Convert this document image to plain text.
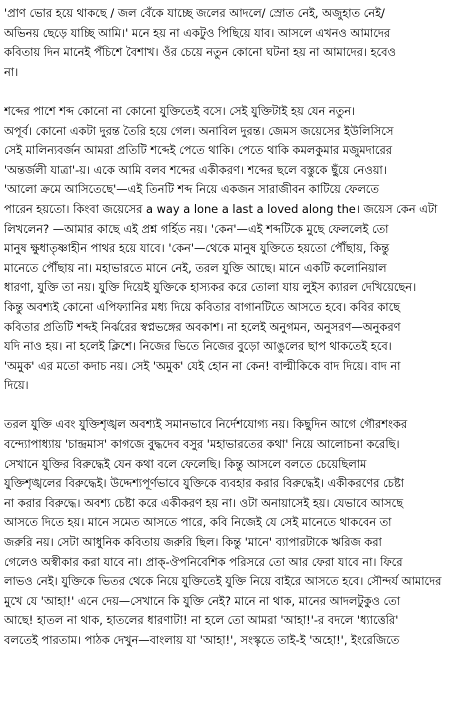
'প্রাণ ভোর হয়ে থাকছে / জল বেঁকে যাচ্ছে জলের আদলে/ স্রোত নেই, অজুহাত নেই/
অভিনয় ছেড়ে যাচ্ছি আমি।' মনে হয় না একটুও পিছিয়ে যাব। আসলে এখনও আমাদের
কবিতায় দিন মানেই পঁচিশে বৈশাখ। ওঁর চেয়ে নতুন কোনো ঘটনা হয় না আমাদের। হবেও
না।
শব্দের পাশে শব্দ কোনো না কোনো যুক্তিতেই বসে। সেই যুক্তিটাই হয় যেন নতুন।
অপূর্ব। কোনো একটা দুরন্ত তৈরি হয়ে গেল। অনাবিল দুরন্ত। জেমস জয়েসের ইউলিসিসে
সেই মালিন্যবর্জন আমরা প্রতিটি শব্দেই পেতে থাকি। পেতে থাকি কমলকুমার মজুমদারের
'অন্তর্জলী যাত্রা'-য়। একে আমি বলব শব্দের একীকরণ। শব্দের ছলে বস্তুকে ছুঁয়ে নেওয়া।
'আলো ক্রমে আসিতেছে'—এই তিনটি শব্দ নিয়ে একজন সারাজীবন কাটিয়ে ফেলতে
পারেন হয়তো। কিংবা জয়েসের a way a lone a last a loved along the। জয়েস কেন এটা
লিখলেন? —আমার কাছে এই প্রশ্ন গর্হিত নয়। 'কেন'—এই শব্দটিকে মুছে ফেললেই তো
মানুষ ক্ষুধাতৃষ্ণাহীন পাথর হয়ে যাবে। 'কেন'—থেকে মানুষ যুক্তিতে হয়তো পৌঁছায়, কিন্তু
মানেতে পৌঁছায় না। মহাভারতে মানে নেই, তরল যুক্তি আছে। মানে একটি কলোনিয়াল
ধারণা, যুক্তি তা নয়। যুক্তি দিয়েই যুক্তিকে হাস্যকর করে তোলা যায় লুইস ক্যারল দেখিয়েছেন।
কিন্তু অবশ্যই কোনো এপিফ্যানির মধ্য দিয়ে কবিতার বাগানটিতে আসতে হবে। কবির কাছে
কবিতার প্রতিটি শব্দই নির্ঝরের স্বপ্নভঙ্গের অবকাশ। না হলেই অনুগমন, অনুসরণ—অনুকরণ
যদি নাও হয়। না হলেই ক্লিশে। নিজের ভিতে নিজের বুড়ো আঙুলের ছাপ থাকতেই হবে।
'অমুক' এর মতো কদাচ নয়। সেই 'অমুক' যেই হোন না কেন! বাল্মীকিকে বাদ দিয়ে। বাদ না
দিয়ে।
তরল যুক্তি এবং যুক্তিশৃঙ্খল অবশ্যই সমানভাবে নির্দেশযোগ্য নয়। কিছুদিন আগে গৌরশংকর
বন্দ্যোপাধ্যায় 'চান্দ্রমাস' কাগজে বুদ্ধদেব বসুর 'মহাভারতের কথা' নিয়ে আলোচনা করেছি।
সেখানে যুক্তির বিরুদ্ধেই যেন কথা বলে ফেলেছি। কিন্তু আসলে বলতে চেয়েছিলাম
যুক্তিশৃঙ্খলের বিরুদ্ধেই। উদ্দেশ্যপূর্ণভাবে যুক্তিকে ব্যবহার করার বিরুদ্ধেই। একীকরণের চেষ্টা
না করার বিরুদ্ধে। অবশ্য চেষ্টা করে একীকরণ হয় না। ওটা অনায়াসেই হয়। যেভাবে আসছে
আসতে দিতে হয়। মানে সমেত আসতে পারে, কবি নিজেই যে সেই মানেতে থাকবেন তা
জরুরি নয়। সেটা আধুনিক কবিতায় জরুরি ছিল। কিন্তু 'মানে' ব্যাপারটাকে ঋরিজ করা
গেলেও অস্বীকার করা যাবে না। প্রাক্‌-ঔপনিবেশিক পরিসরে তো আর ফেরা যাবে না। ফিরে
লাভও নেই। যুক্তিকে ভিতর থেকে নিয়ে যুক্তিতেই যুক্তি নিয়ে বাইরে আসতে হবে। সৌন্দর্য আমাদের
মুখে যে 'আহা!' এনে দেয়—সেখানে কি যুক্তি নেই? মানে না থাক, মানের আদলটুকুও তো
আছে! হাতল না থাক, হাতলের ধারণাটা! না হলে তো আমরা 'আহা!'-র বদলে 'ধ্যাত্তেরি'
বলতেই পারতাম। পাঠক দেখুন—বাংলায় যা 'আহা!', সংস্কৃতে তাই-ই 'অহো!', ইংরেজিতে
